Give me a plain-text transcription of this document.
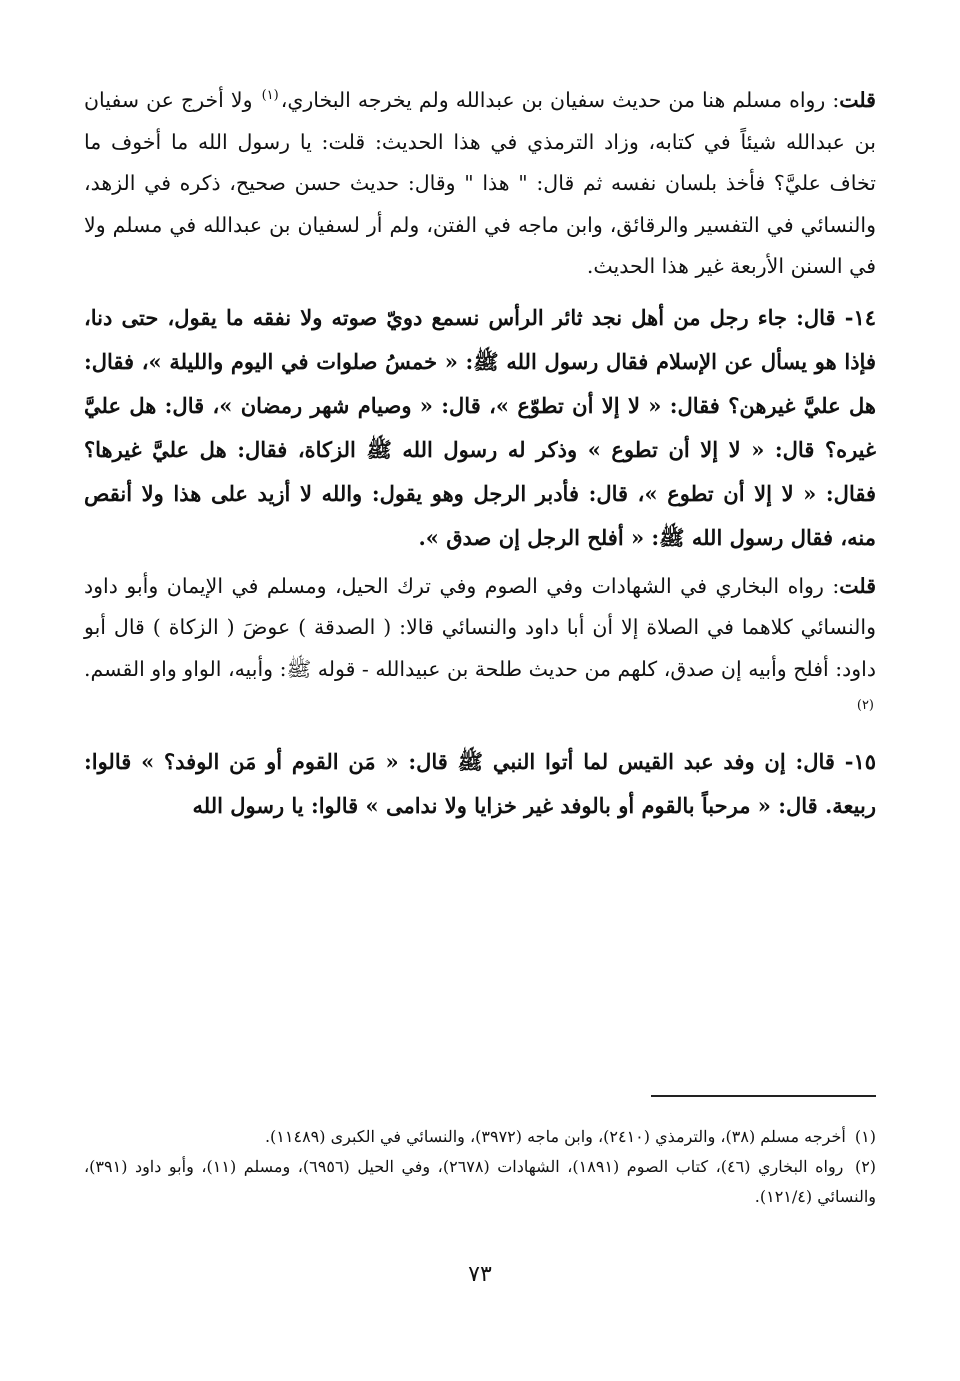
قلت: رواه مسلم هنا من حديث سفيان بن عبدالله ولم يخرجه البخاري،$^{(١)}$ ولا أخرج عن سفيان بن عبدالله شيئاً في كتابه، وزاد الترمذي في هذا الحديث: قلت: يا رسول الله ما أخوف ما تخاف عليَّ؟ فأخذ بلسان نفسه ثم قال: " هذا " وقال: حديث حسن صحيح، ذكره في الزهد، والنسائي في التفسير والرقائق، وابن ماجه في الفتن، ولم أر لسفيان بن عبدالله في مسلم ولا في السنن الأربعة غير هذا الحديث.

١٤- قال: جاء رجل من أهل نجد ثائر الرأس نسمع دويّ صوته ولا نفقه ما يقول، حتى دنا، فإذا هو يسأل عن الإسلام فقال رسول الله ﷺ: « خمسُ صلوات في اليوم والليلة »، فقال: هل عليَّ غيرهن؟ فقال: « لا إلا أن تطوّع »، قال: « وصيام شهر رمضان »، قال: هل عليَّ غيره؟ قال: « لا إلا أن تطوع » وذكر له رسول الله ﷺ الزكاة، فقال: هل عليَّ غيرها؟ فقال: « لا إلا أن تطوع »، قال: فأدبر الرجل وهو يقول: والله لا أزيد على هذا ولا أنقص منه، فقال رسول الله ﷺ: « أفلح الرجل إن صدق ».

قلت: رواه البخاري في الشهادات وفي الصوم وفي ترك الحيل، ومسلم في الإيمان وأبو داود والنسائي كلاهما في الصلاة إلا أن أبا داود والنسائي قالا: ( الصدقة ) عوضَ ( الزكاة ) قال أبو داود: أفلح وأبيه إن صدق، كلهم من حديث طلحة بن عبيدالله - قوله ﷺ: وأبيه، الواو واو القسم.$^{(٢)}$

١٥- قال: إن وفد عبد القيس لما أتوا النبي ﷺ قال: « مَن القوم أو مَن الوفد؟ » قالوا: ربيعة. قال: « مرحباً بالقوم أو بالوفد غير خزايا ولا ندامى » قالوا: يا رسول الله

(١) أخرجه مسلم (٣٨)، والترمذي (٢٤١٠)، وابن ماجه (٣٩٧٢)، والنسائي في الكبرى (١١٤٨٩).

(٢) رواه البخاري (٤٦)، كتاب الصوم (١٨٩١)، الشهادات (٢٦٧٨)، وفي الحيل (٦٩٥٦)، ومسلم (١١)، وأبو داود (٣٩١)، والنسائي (١٢١/٤).

٧٣
